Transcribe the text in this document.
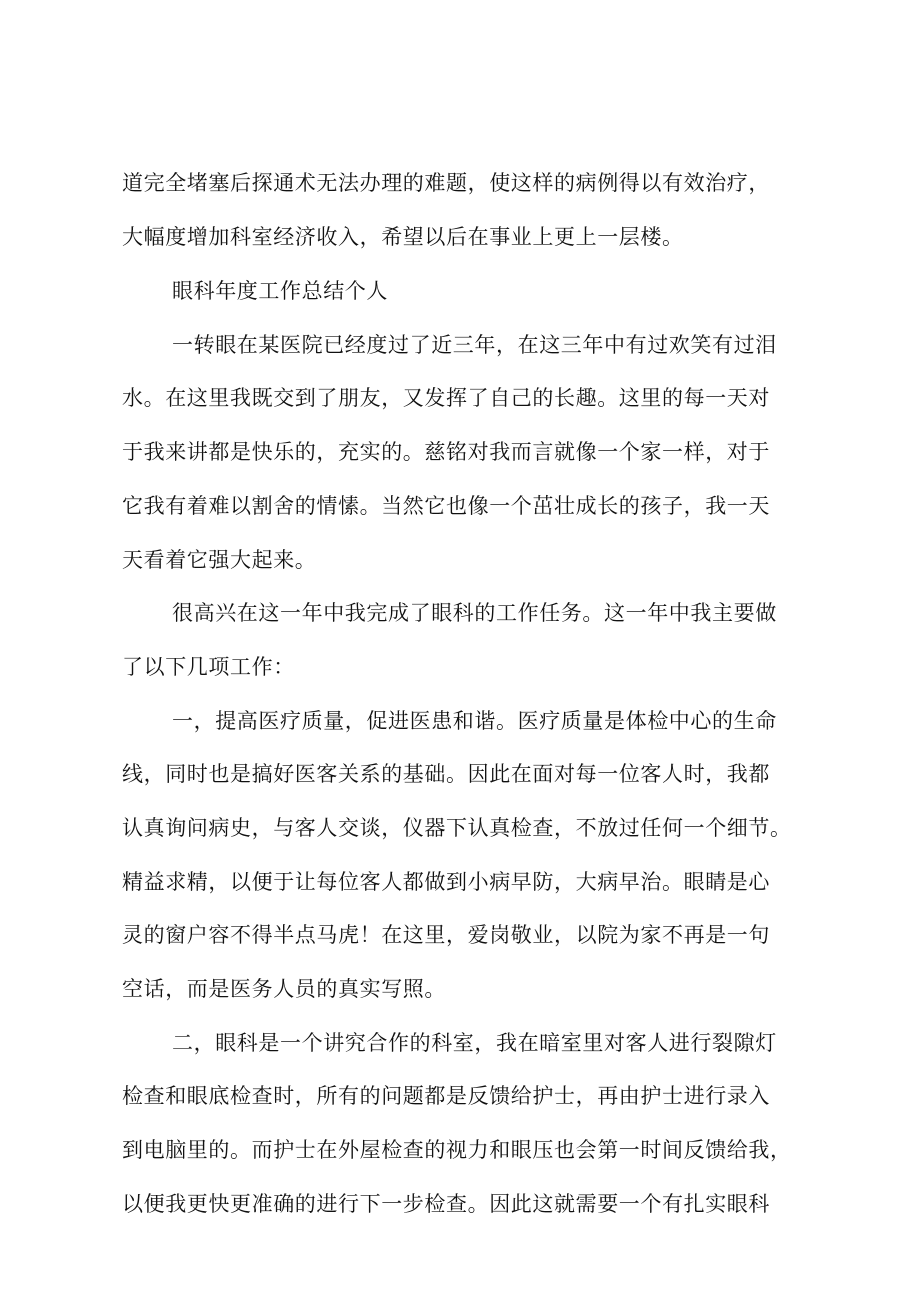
道完全堵塞后探通术无法办理的难题，使这样的病例得以有效治疗，
大幅度增加科室经济收入，希望以后在事业上更上一层楼。
眼科年度工作总结个人
一转眼在某医院已经度过了近三年，在这三年中有过欢笑有过泪
水。在这里我既交到了朋友，又发挥了自己的长趣。这里的每一天对
于我来讲都是快乐的，充实的。慈铭对我而言就像一个家一样，对于
它我有着难以割舍的情愫。当然它也像一个茁壮成长的孩子，我一天
天看着它强大起来。
很高兴在这一年中我完成了眼科的工作任务。这一年中我主要做
了以下几项工作：
一，提高医疗质量，促进医患和谐。医疗质量是体检中心的生命
线，同时也是搞好医客关系的基础。因此在面对每一位客人时，我都
认真询问病史，与客人交谈，仪器下认真检查，不放过任何一个细节。
精益求精，以便于让每位客人都做到小病早防，大病早治。眼睛是心
灵的窗户容不得半点马虎！在这里，爱岗敬业，以院为家不再是一句
空话，而是医务人员的真实写照。
二，眼科是一个讲究合作的科室，我在暗室里对客人进行裂隙灯
检查和眼底检查时，所有的问题都是反馈给护士，再由护士进行录入
到电脑里的。而护士在外屋检查的视力和眼压也会第一时间反馈给我，
以便我更快更准确的进行下一步检查。因此这就需要一个有扎实眼科
